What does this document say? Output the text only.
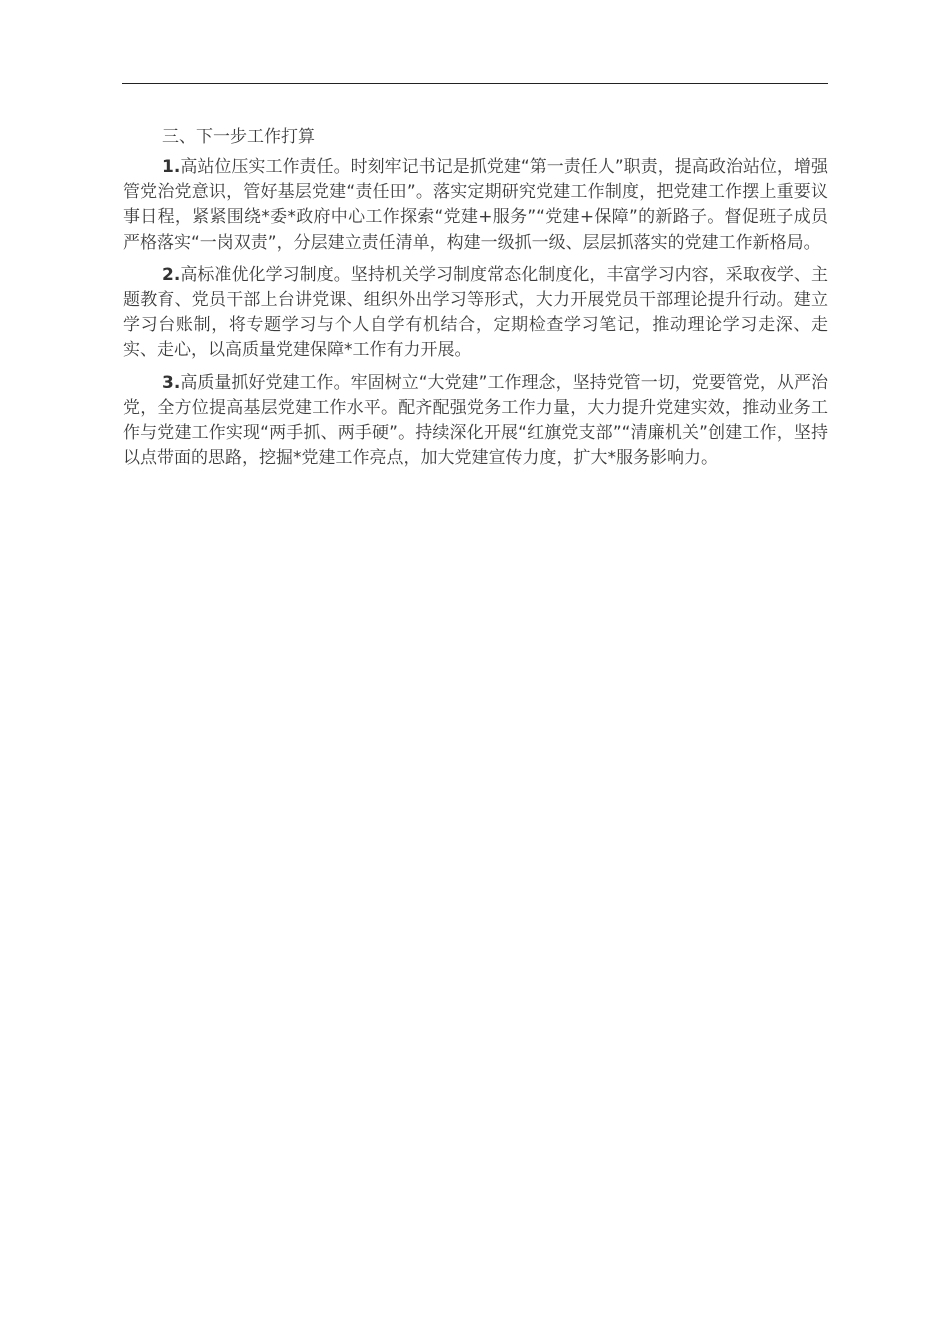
三、下一步工作打算

1.高站位压实工作责任。时刻牢记书记是抓党建“第一责任人”职责，提高政治站位，增强管党治党意识，管好基层党建“责任田”。落实定期研究党建工作制度，把党建工作摆上重要议事日程，紧紧围绕*委*政府中心工作探索“党建+服务”“党建+保障”的新路子。督促班子成员严格落实“一岗双责”，分层建立责任清单，构建一级抓一级、层层抓落实的党建工作新格局。

2.高标准优化学习制度。坚持机关学习制度常态化制度化，丰富学习内容，采取夜学、主题教育、党员干部上台讲党课、组织外出学习等形式，大力开展党员干部理论提升行动。建立学习台账制，将专题学习与个人自学有机结合，定期检查学习笔记，推动理论学习走深、走实、走心，以高质量党建保障*工作有力开展。

3.高质量抓好党建工作。牢固树立“大党建”工作理念，坚持党管一切，党要管党，从严治党，全方位提高基层党建工作水平。配齐配强党务工作力量，大力提升党建实效，推动业务工作与党建工作实现“两手抓、两手硬”。持续深化开展“红旗党支部”“清廉机关”创建工作，坚持以点带面的思路，挖掘*党建工作亮点，加大党建宣传力度，扩大*服务影响力。
